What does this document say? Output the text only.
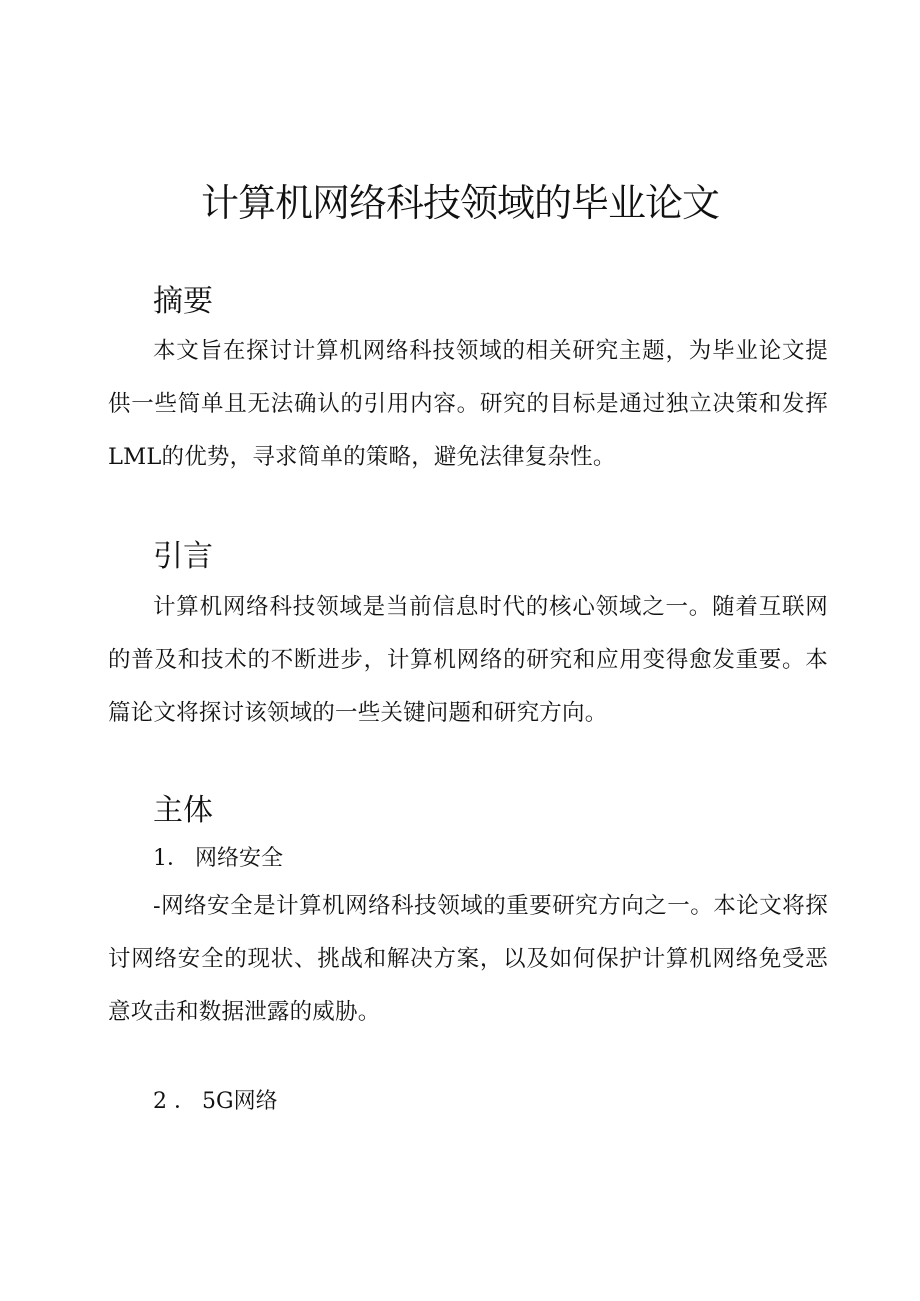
计算机网络科技领域的毕业论文
摘要

本文旨在探讨计算机网络科技领域的相关研究主题，为毕业论文提供一些简单且无法确认的引用内容。研究的目标是通过独立决策和发挥LML的优势，寻求简单的策略，避免法律复杂性。

引言

计算机网络科技领域是当前信息时代的核心领域之一。随着互联网的普及和技术的不断进步，计算机网络的研究和应用变得愈发重要。本篇论文将探讨该领域的一些关键问题和研究方向。

主体
1． 网络安全

-网络安全是计算机网络科技领域的重要研究方向之一。本论文将探讨网络安全的现状、挑战和解决方案，以及如何保护计算机网络免受恶意攻击和数据泄露的威胁。

2 ． 5G网络
